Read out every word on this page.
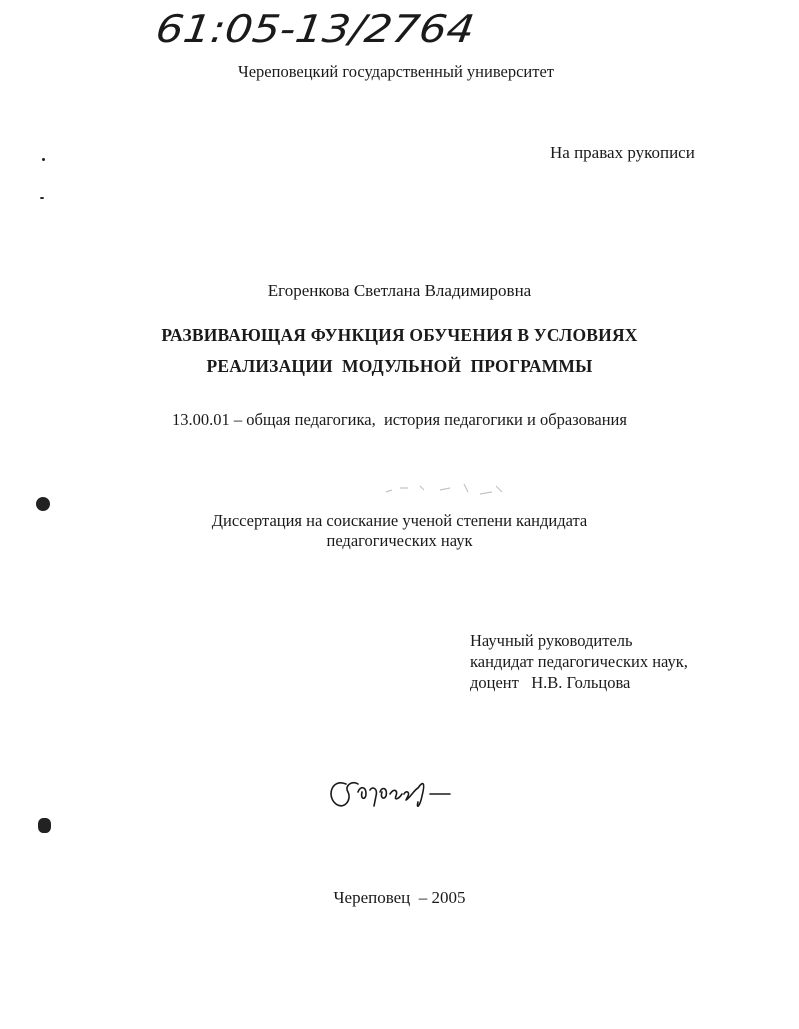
61:05-13/2764
Череповецкий государственный университет
На правах рукописи
Егоренкова Светлана Владимировна
РАЗВИВАЮЩАЯ ФУНКЦИЯ ОБУЧЕНИЯ В УСЛОВИЯХ
РЕАЛИЗАЦИИ  МОДУЛЬНОЙ  ПРОГРАММЫ
13.00.01 – общая педагогика,  история педагогики и образования
Диссертация на соискание ученой степени кандидата
педагогических наук
Научный руководитель
кандидат педагогических наук,
доцент   Н.В. Гольцова
Череповец  – 2005
